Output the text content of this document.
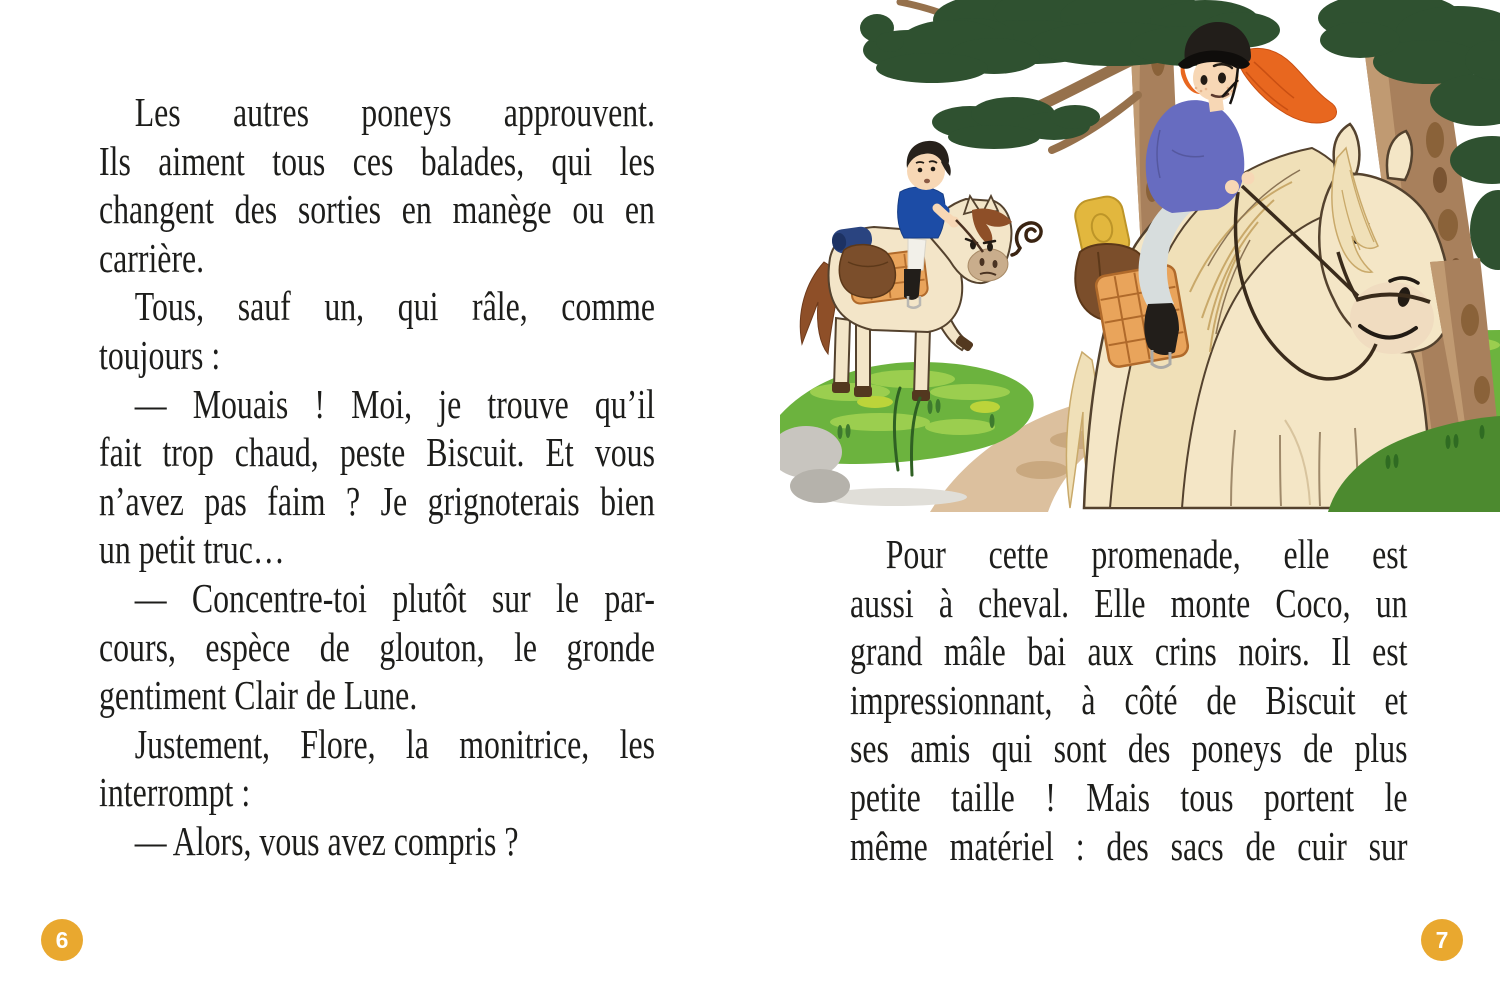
Les autres poneys approuvent.
Ils aiment tous ces balades, qui les
changent des sorties en manège ou en
carrière.
Tous, sauf un, qui râle, comme
toujours :
— Mouais ! Moi, je trouve qu’il
fait trop chaud, peste Biscuit. Et vous
n’avez pas faim ? Je grignoterais bien
un petit truc…
— Concentre-toi plutôt sur le par-
cours, espèce de glouton, le gronde
gentiment Clair de Lune.
Justement, Flore, la monitrice, les
interrompt :
— Alors, vous avez compris ?
Pour cette promenade, elle est
aussi à cheval. Elle monte Coco, un
grand mâle bai aux crins noirs. Il est
impressionnant, à côté de Biscuit et
ses amis qui sont des poneys de plus
petite taille ! Mais tous portent le
même matériel : des sacs de cuir sur
6	7
